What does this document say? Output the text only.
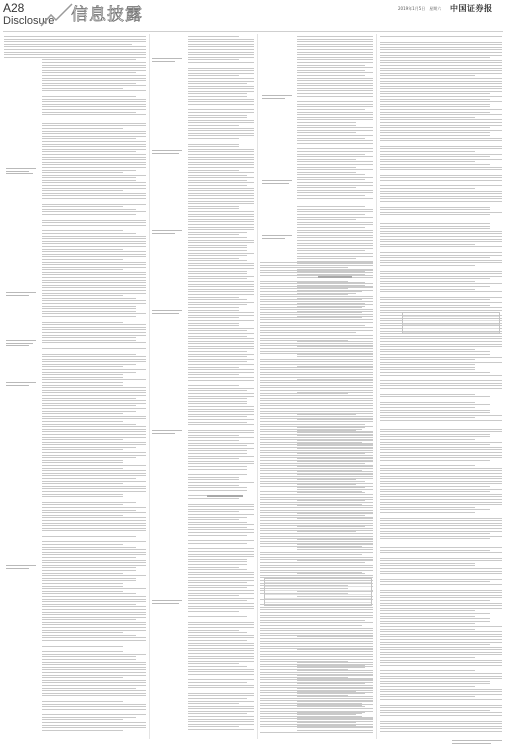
A28
Disclosure 信息披露	2019年1月5日　星期六 中国证券报
